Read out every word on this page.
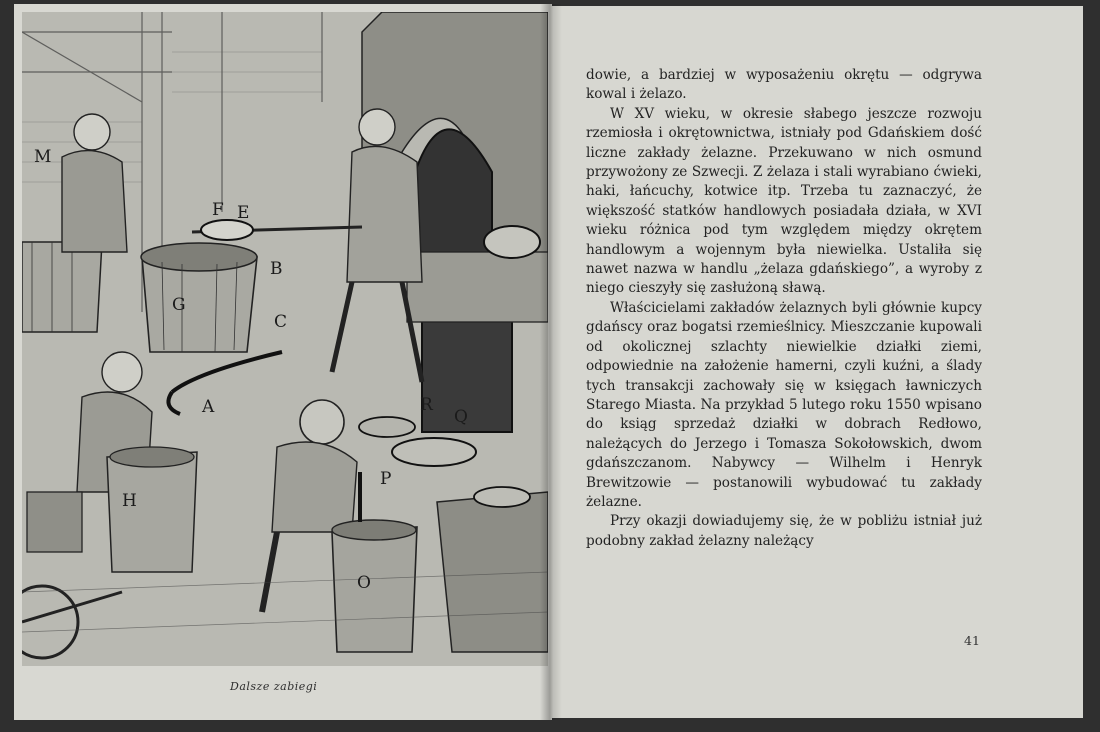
M
F E
G
B
C
A	R
Q
H
P
O
Dalsze zabiegi

dowie, a bardziej w wyposażeniu okrętu — odgrywa kowal i żelazo.

W XV wieku, w okresie słabego jeszcze rozwoju rzemiosła i okrętownictwa, istniały pod Gdańskiem dość liczne zakłady żelazne. Przekuwano w nich osmund przywożony ze Szwecji. Z żelaza i stali wyrabiano ćwieki, haki, łańcuchy, kotwice itp. Trzeba tu zaznaczyć, że większość statków handlowych posiadała działa, w XVI wieku różnica pod tym względem między okrętem handlowym a wojennym była niewielka. Ustaliła się nawet nazwa w handlu „żelaza gdańskiego”, a wyroby z niego cieszyły się zasłużoną sławą.

Właścicielami zakładów żelaznych byli głównie kupcy gdańscy oraz bogatsi rzemieślnicy. Mieszczanie kupowali od okolicznej szlachty niewielkie działki ziemi, odpowiednie na założenie hamerni, czyli kuźni, a ślady tych transakcji zachowały się w księgach ławniczych Starego Miasta. Na przykład 5 lutego roku 1550 wpisano do ksiąg sprzedaż działki w dobrach Redłowo, należących do Jerzego i Tomasza Sokołowskich, dwom gdańszczanom. Nabywcy — Wilhelm i Henryk Brewitzowie — postanowili wybudować tu zakłady żelazne.

Przy okazji dowiadujemy się, że w pobliżu istniał już podobny zakład żelazny należący

41
